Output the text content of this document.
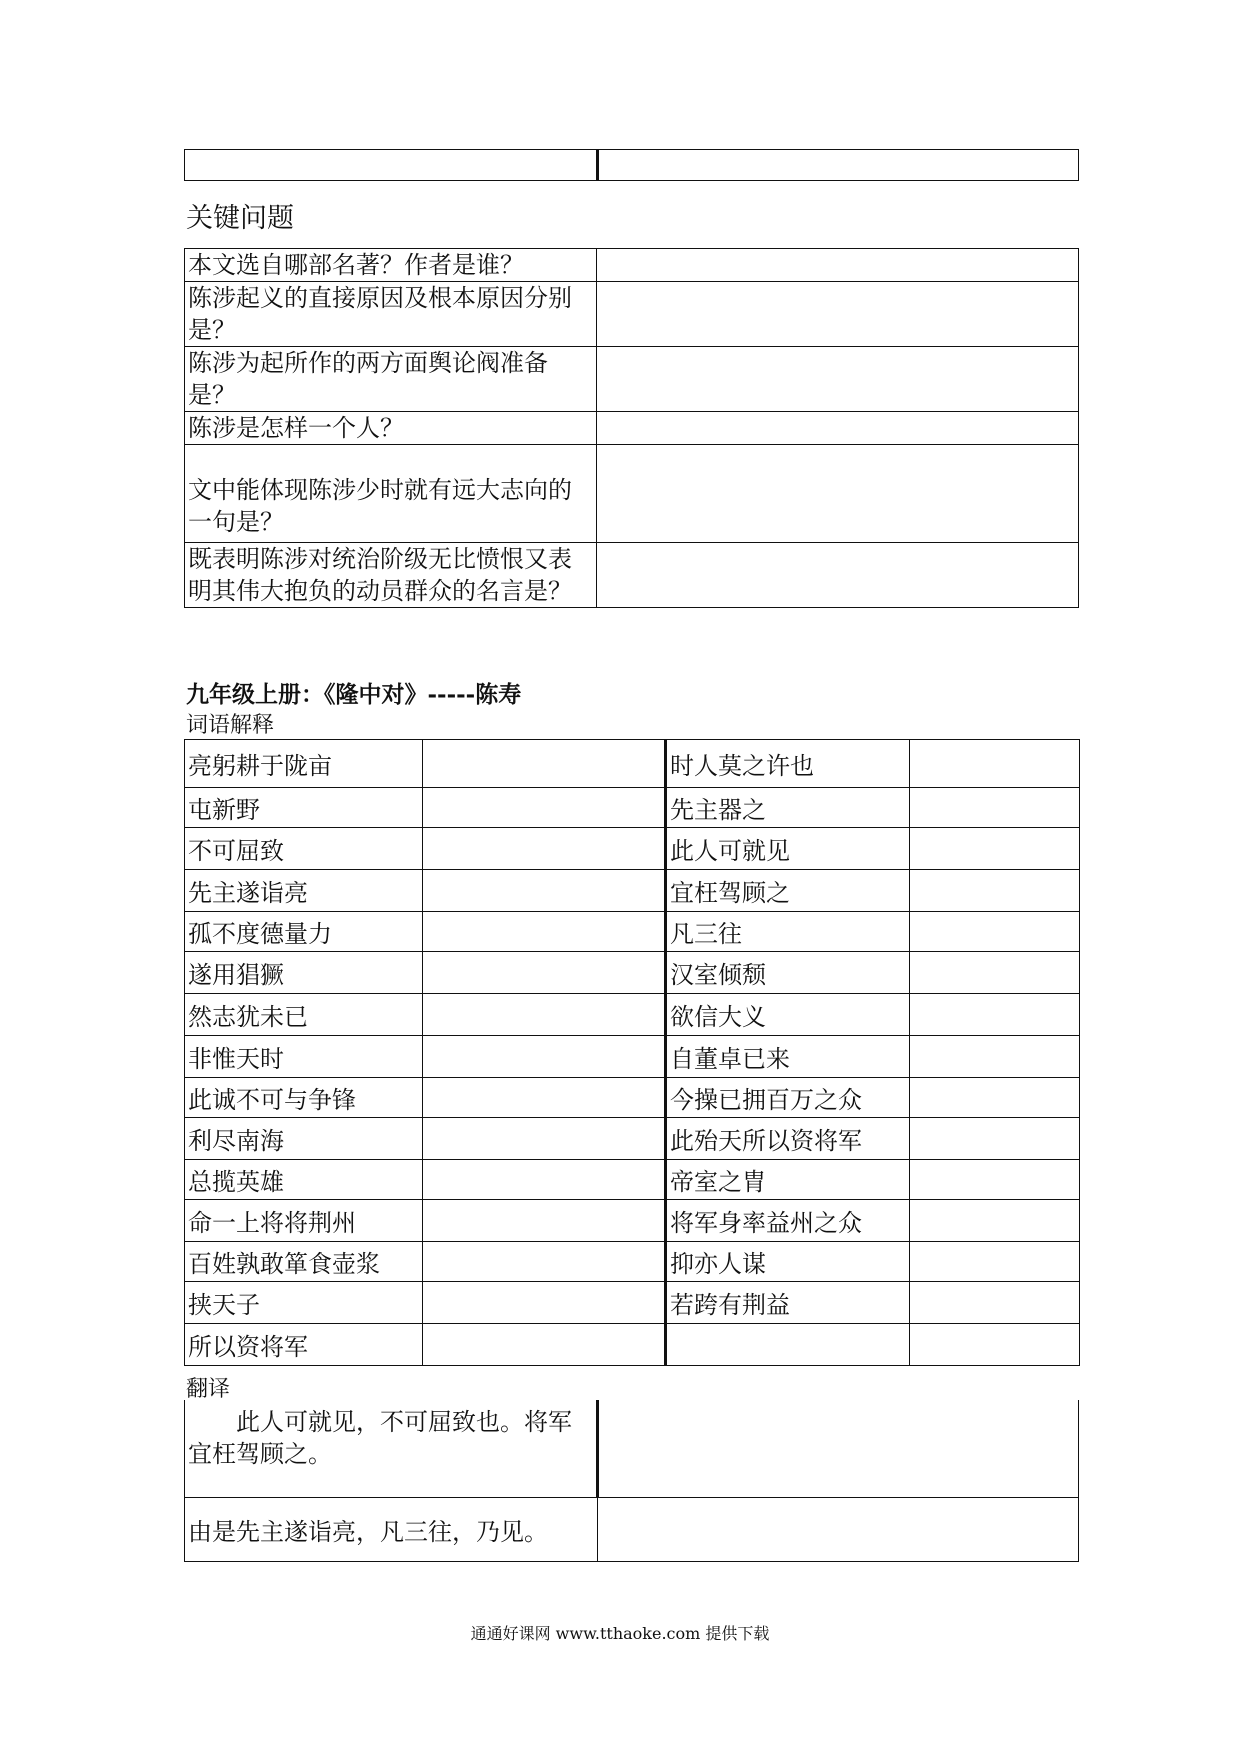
关键问题
本文选自哪部名著？作者是谁？	
陈涉起义的直接原因及根本原因分别是？	
陈涉为起所作的两方面舆论阀准备是？	
陈涉是怎样一个人？	
文中能体现陈涉少时就有远大志向的一句是？	
既表明陈涉对统治阶级无比愤恨又表明其伟大抱负的动员群众的名言是？	
九年级上册：《隆中对》-----陈寿
词语解释
亮躬耕于陇亩		时人莫之许也	
屯新野		先主器之	
不可屈致		此人可就见	
先主遂诣亮		宜枉驾顾之	
孤不度德量力		凡三往	
遂用猖獗		汉室倾颓	
然志犹未已		欲信大义	
非惟天时		自董卓已来	
此诚不可与争锋		今操已拥百万之众	
利尽南海		此殆天所以资将军	
总揽英雄		帝室之胄	
命一上将将荆州		将军身率益州之众	
百姓孰敢箪食壶浆		抑亦人谋	
挟天子		若跨有荆益	
所以资将军			
翻译
此人可就见，不可屈致也。将军宜枉驾顾之。	
由是先主遂诣亮，凡三往，乃见。	
通通好课网 www.tthaoke.com 提供下载
